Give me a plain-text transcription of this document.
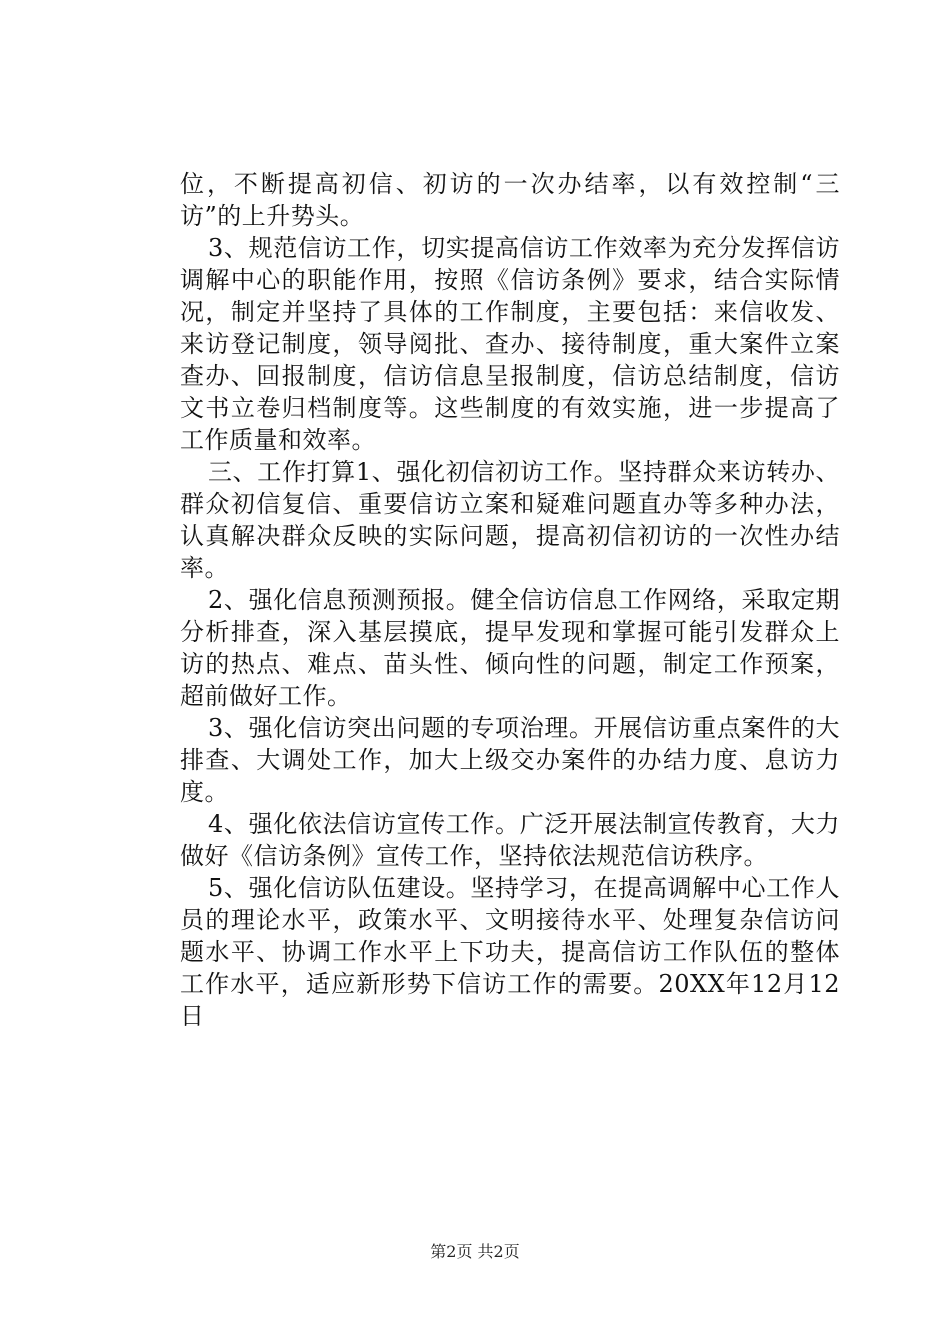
位，不断提高初信、初访的一次办结率，以有效控制“三访”的上升势头。

3、规范信访工作，切实提高信访工作效率为充分发挥信访调解中心的职能作用，按照《信访条例》要求，结合实际情况，制定并坚持了具体的工作制度，主要包括：来信收发、来访登记制度，领导阅批、查办、接待制度，重大案件立案查办、回报制度，信访信息呈报制度，信访总结制度，信访文书立卷归档制度等。这些制度的有效实施，进一步提高了工作质量和效率。

三、工作打算1、强化初信初访工作。坚持群众来访转办、群众初信复信、重要信访立案和疑难问题直办等多种办法，认真解决群众反映的实际问题，提高初信初访的一次性办结率。

2、强化信息预测预报。健全信访信息工作网络，采取定期分析排查，深入基层摸底，提早发现和掌握可能引发群众上访的热点、难点、苗头性、倾向性的问题，制定工作预案，超前做好工作。

3、强化信访突出问题的专项治理。开展信访重点案件的大排查、大调处工作，加大上级交办案件的办结力度、息访力度。

4、强化依法信访宣传工作。广泛开展法制宣传教育，大力做好《信访条例》宣传工作，坚持依法规范信访秩序。

5、强化信访队伍建设。坚持学习，在提高调解中心工作人员的理论水平，政策水平、文明接待水平、处理复杂信访问题水平、协调工作水平上下功夫，提高信访工作队伍的整体工作水平，适应新形势下信访工作的需要。20XX年12月12日

第2页 共2页
